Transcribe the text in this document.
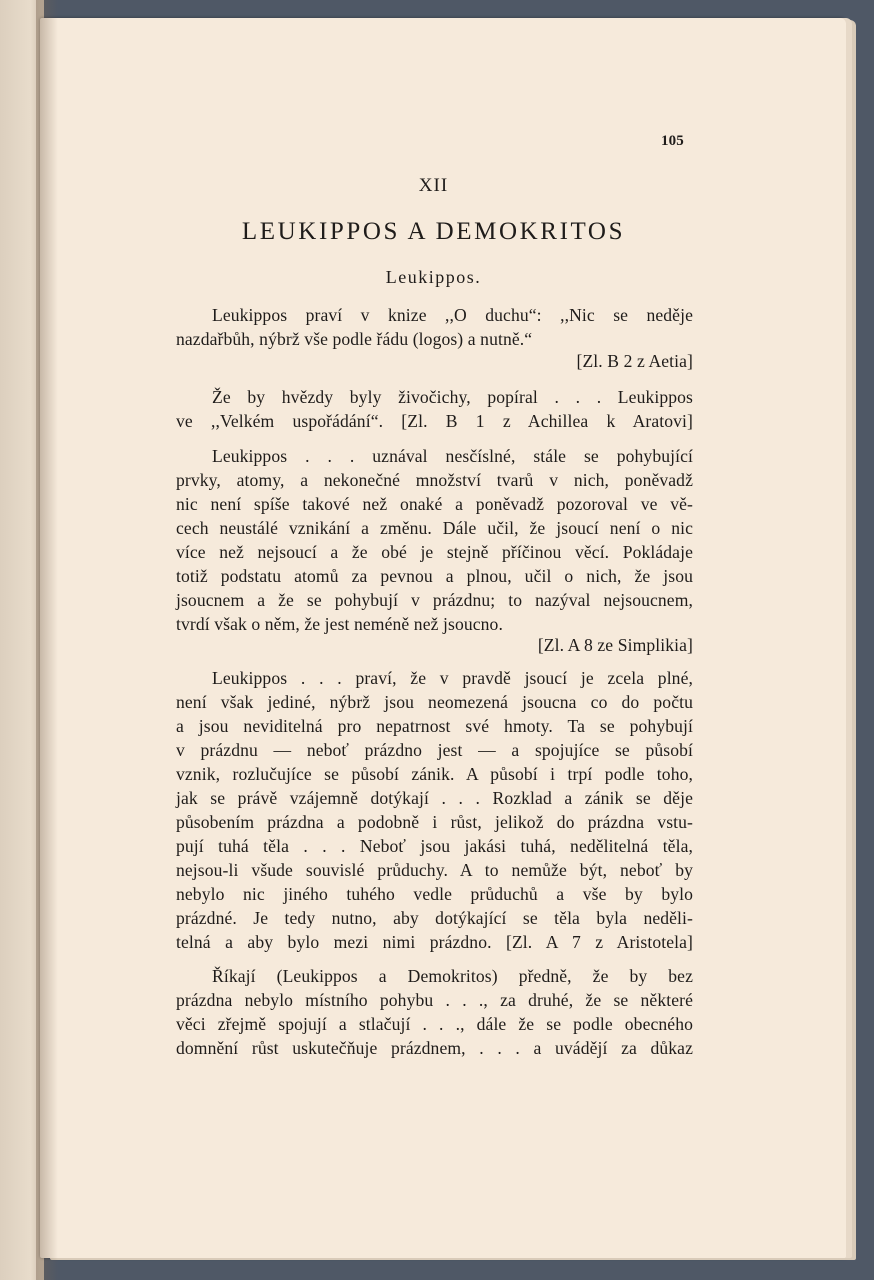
105
XII
LEUKIPPOS A DEMOKRITOS
Leukippos.
Leukippos praví v knize ,,O duchu“: ,,Nic se neděje
nazdařbůh, nýbrž vše podle řádu (logos) a nutně.“
[Zl. B 2 z Aetia]
Že by hvězdy byly živočichy, popíral . . . Leukippos
ve ,,Velkém uspořádání“. [Zl. B 1 z Achillea k Aratovi]
Leukippos . . . uznával nesčíslné, stále se pohybující
prvky, atomy, a nekonečné množství tvarů v nich, poněvadž
nic není spíše takové než onaké a poněvadž pozoroval ve vě-
cech neustálé vznikání a změnu. Dále učil, že jsoucí není o nic
více než nejsoucí a že obé je stejně příčinou věcí. Pokládaje
totiž podstatu atomů za pevnou a plnou, učil o nich, že jsou
jsoucnem a že se pohybují v prázdnu; to nazýval nejsoucnem,
tvrdí však o něm, že jest neméně než jsoucno.
[Zl. A 8 ze Simplikia]
Leukippos . . . praví, že v pravdě jsoucí je zcela plné,
není však jediné, nýbrž jsou neomezená jsoucna co do počtu
a jsou neviditelná pro nepatrnost své hmoty. Ta se pohybují
v prázdnu — neboť prázdno jest — a spojujíce se působí
vznik, rozlučujíce se působí zánik. A působí i trpí podle toho,
jak se právě vzájemně dotýkají . . . Rozklad a zánik se děje
působením prázdna a podobně i růst, jelikož do prázdna vstu-
pují tuhá těla . . . Neboť jsou jakási tuhá, nedělitelná těla,
nejsou-li všude souvislé průduchy. A to nemůže být, neboť by
nebylo nic jiného tuhého vedle průduchů a vše by bylo
prázdné. Je tedy nutno, aby dotýkající se těla byla neděli-
telná a aby bylo mezi nimi prázdno. [Zl. A 7 z Aristotela]
Říkají (Leukippos a Demokritos) předně, že by bez
prázdna nebylo místního pohybu . . ., za druhé, že se některé
věci zřejmě spojují a stlačují . . ., dále že se podle obecného
domnění růst uskutečňuje prázdnem, . . . a uvádějí za důkaz
